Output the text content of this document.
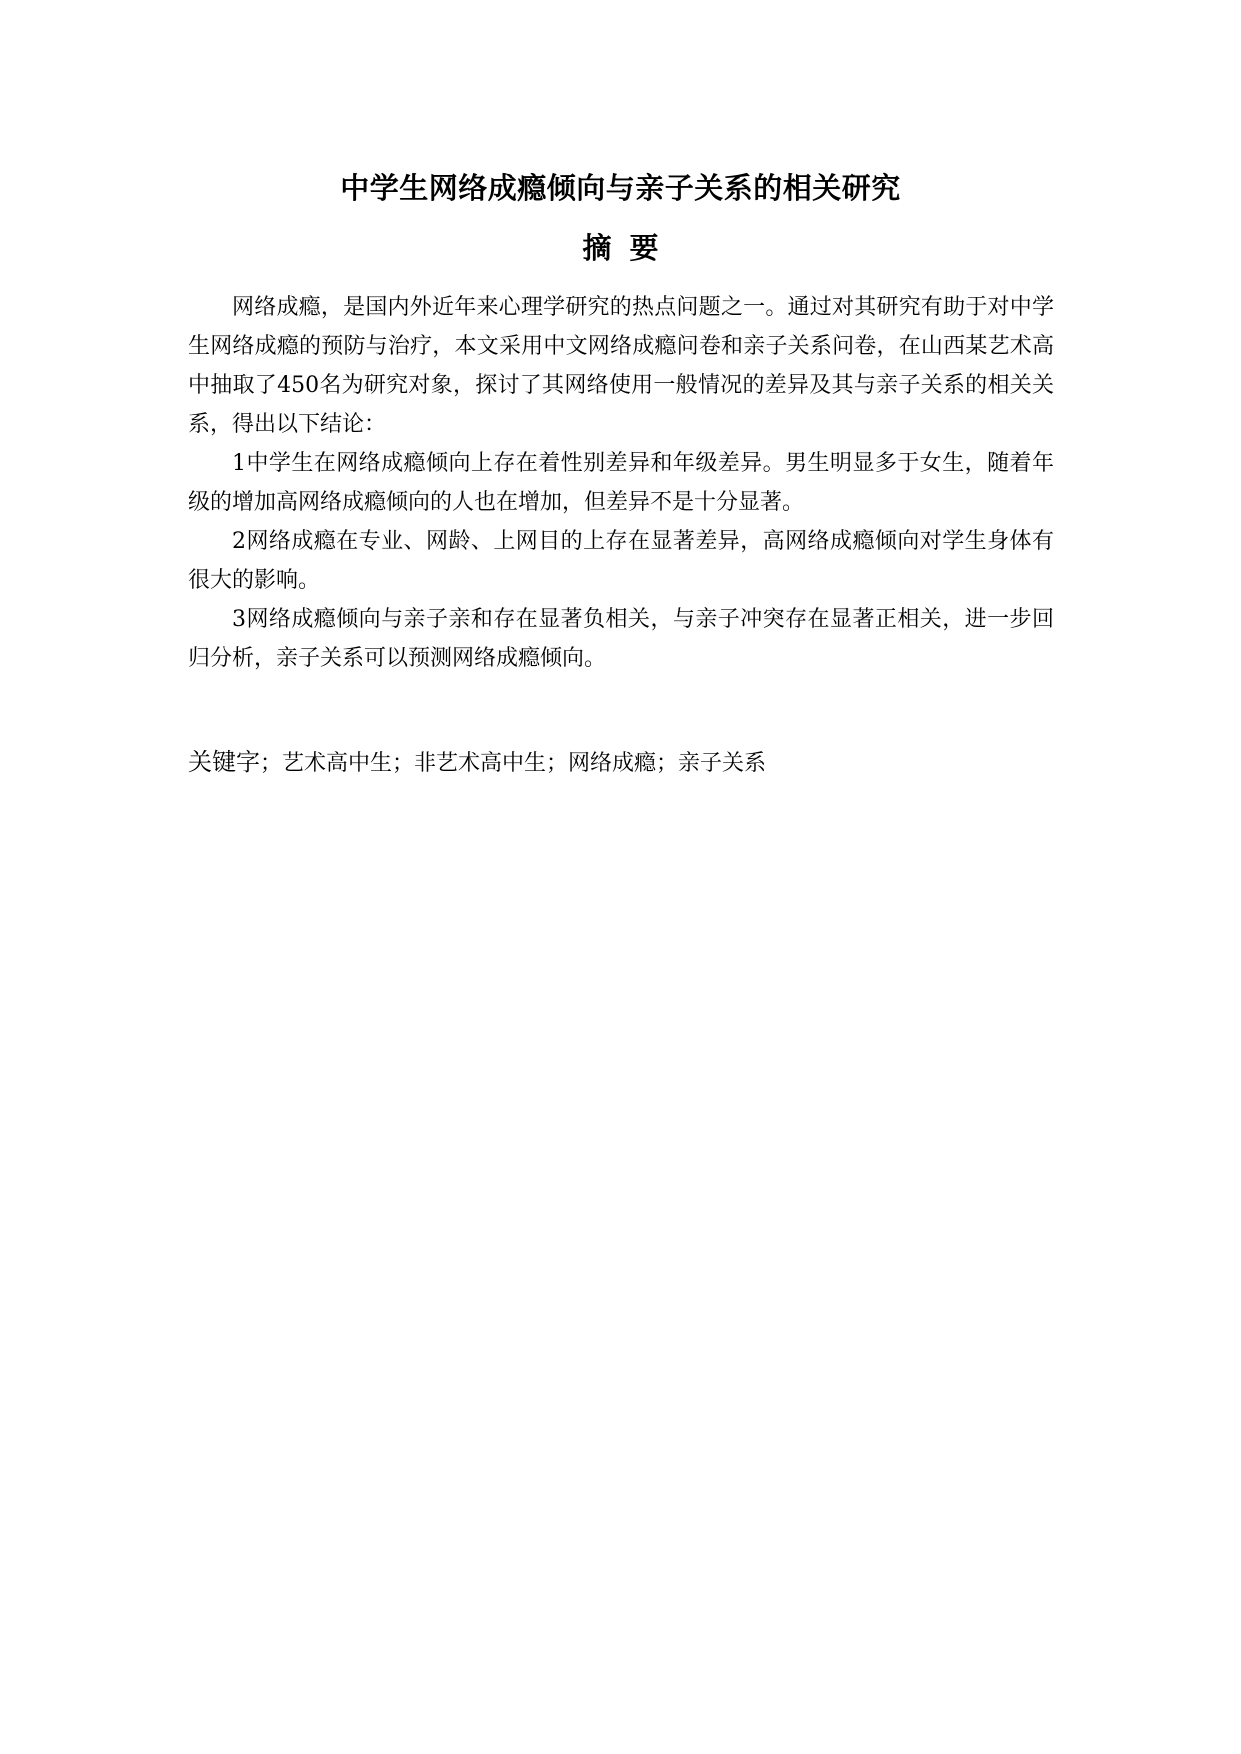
中学生网络成瘾倾向与亲子关系的相关研究
摘要

网络成瘾，是国内外近年来心理学研究的热点问题之一。通过对其研究有助于对中学生网络成瘾的预防与治疗，本文采用中文网络成瘾问卷和亲子关系问卷，在山西某艺术高中抽取了450名为研究对象，探讨了其网络使用一般情况的差异及其与亲子关系的相关关系，得出以下结论：

1中学生在网络成瘾倾向上存在着性别差异和年级差异。男生明显多于女生，随着年级的增加高网络成瘾倾向的人也在增加，但差异不是十分显著。

2网络成瘾在专业、网龄、上网目的上存在显著差异，高网络成瘾倾向对学生身体有很大的影响。

3网络成瘾倾向与亲子亲和存在显著负相关，与亲子冲突存在显著正相关，进一步回归分析，亲子关系可以预测网络成瘾倾向。

关键字；艺术高中生；非艺术高中生；网络成瘾；亲子关系
